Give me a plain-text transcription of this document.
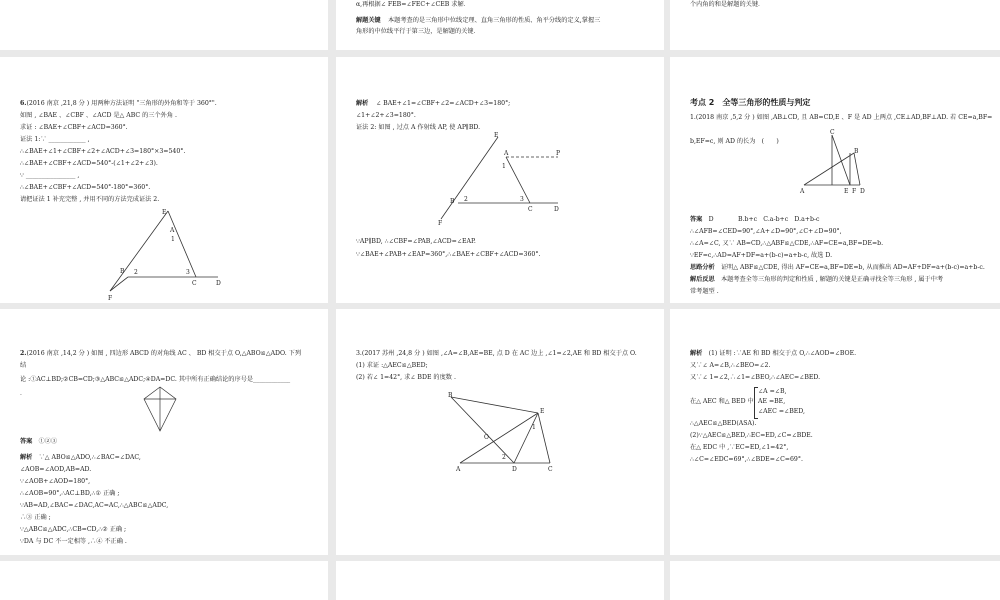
α,再根据∠ FEB=∠FEC+∠CEB 求解．
解题关键 本题考查的是三角形中位线定理、直角三角形的性质、角平分线的定义,掌握三
角形的中位线平行于第三边，是解题的关键．
个内角的和是解题的关键．
6.(2016 南京 ,21,8 分 ) 用两种方法证明 "三角形的外角和等于 360°".
如图 , ∠BAE 、∠CBF 、∠ACD 是△ ABC 的三个外角 .
求证 : ∠BAE+∠CBF+∠ACD=360°.
证法 1:∵ ____________ ,
∴∠BAE+∠1+∠CBF+∠2+∠ACD+∠3=180°×3=540°.
∴∠BAE+∠CBF+∠ACD=540°-(∠1+∠2+∠3).
∵ ________________ ,
∴∠BAE+∠CBF+∠ACD=540°-180°=360°.
请把证法 1 补充完整 , 并用不同的方法完成证法 2.
E
A
1
B 2	3
C	D
F
解析 ∠ BAE+∠1=∠CBF+∠2=∠ACD+∠3=180°;
∠1+∠2+∠3=180°.
证法 2: 如图 , 过点 A 作射线 AP, 使 AP∥BD.
E
A	P
1
B 2	3
C	D
F
∵AP∥BD, ∴∠CBF=∠PAB,∠ACD=∠EAP.
∵∠BAE+∠PAB+∠EAP=360°,∴∠BAE+∠CBF+∠ACD=360°.
考点 2　全等三角形的性质与判定
1.(2018 南京 ,5,2 分 ) 如图 ,AB⊥CD, 且 AB=CD,E 、F 是 AD 上两点 ,CE⊥AD,BF⊥AD. 若 CE=a,BF=
b,EF=c, 则 AD 的长为　(　　)
C
B
A	E F D
答案　 D	B.b+c　C.a-b+c　D.a+b-c
∴∠AFB=∠CED=90°,∠A+∠D=90°,∠C+∠D=90°,
∴∠A=∠C, 又∵ AB=CD,∴△ABF≌△CDE,∴AF=CE=a,BF=DE=b.
∵EF=c,∴AD=AF+DF=a+(b-c)=a+b-c, 故选 D.
思路分析　 证明△ ABF≌△CDE, 得出 AF=CE=a,BF=DE=b, 从而推出 AD=AF+DF=a+(b-c)=a+b-c.
解后反思　 本题考查全等三角形的判定和性质 , 解题的关键是正确寻找全等三角形 , 属于中考
常考题型 .
2.(2016 南京 ,14,2 分 ) 如图 , 四边形 ABCD 的对角线 AC 、 BD 相交于点 O,△ABO≌△ADO. 下列
结
论 :①AC⊥BD;②CB=CD;③△ABC≌△ADC;④DA=DC. 其中所有正确结论的序号是____________
．
答案　 ①②③
解析　 ∵△ ABO≌△ADO,∴∠BAC=∠DAC,
∠AOB=∠AOD,AB=AD.
∵∠AOB+∠AOD=180°,
∴∠AOB=90°,∴AC⊥BD,∴① 正确 ;
∵AB=AD,∠BAC=∠DAC,AC=AC,∴△ABC≌△ADC,
∴③ 正确 ;
∵△ABC≌△ADC,∴CB=CD,∴② 正确 ;
∵DA 与 DC 不一定相等 ,∴④ 不正确 .
3.(2017 苏州 ,24,8 分 ) 如图 ,∠A=∠B,AE=BE, 点 D 在 AC 边上 ,∠1=∠2,AE 和 BD 相交于点 O.
(1) 求证 :△AEC≌△BED;
(2) 若∠ 1=42°, 求∠ BDE 的度数 .
B
E
1
O
2
A	D	C
解析　 (1) 证明 :∵AE 和 BD 相交于点 O,∴∠AOD=∠BOE.
又∵∠ A=∠B,∴∠BEO=∠2.
又∵∠ 1=∠2,∴∠1=∠BEO,∴∠AEC=∠BED.
在△ AEC 和△ BED 中
∠A =∠B,
AE =BE,
∠AEC =∠BED,
∴△AEC≌△BED(ASA).
(2)∵△AEC≌△BED,∴EC=ED,∠C=∠BDE.
在△ EDC 中 ,∵EC=ED,∠1=42°,
∴∠C=∠EDC=69°,∴∠BDE=∠C=69°.
